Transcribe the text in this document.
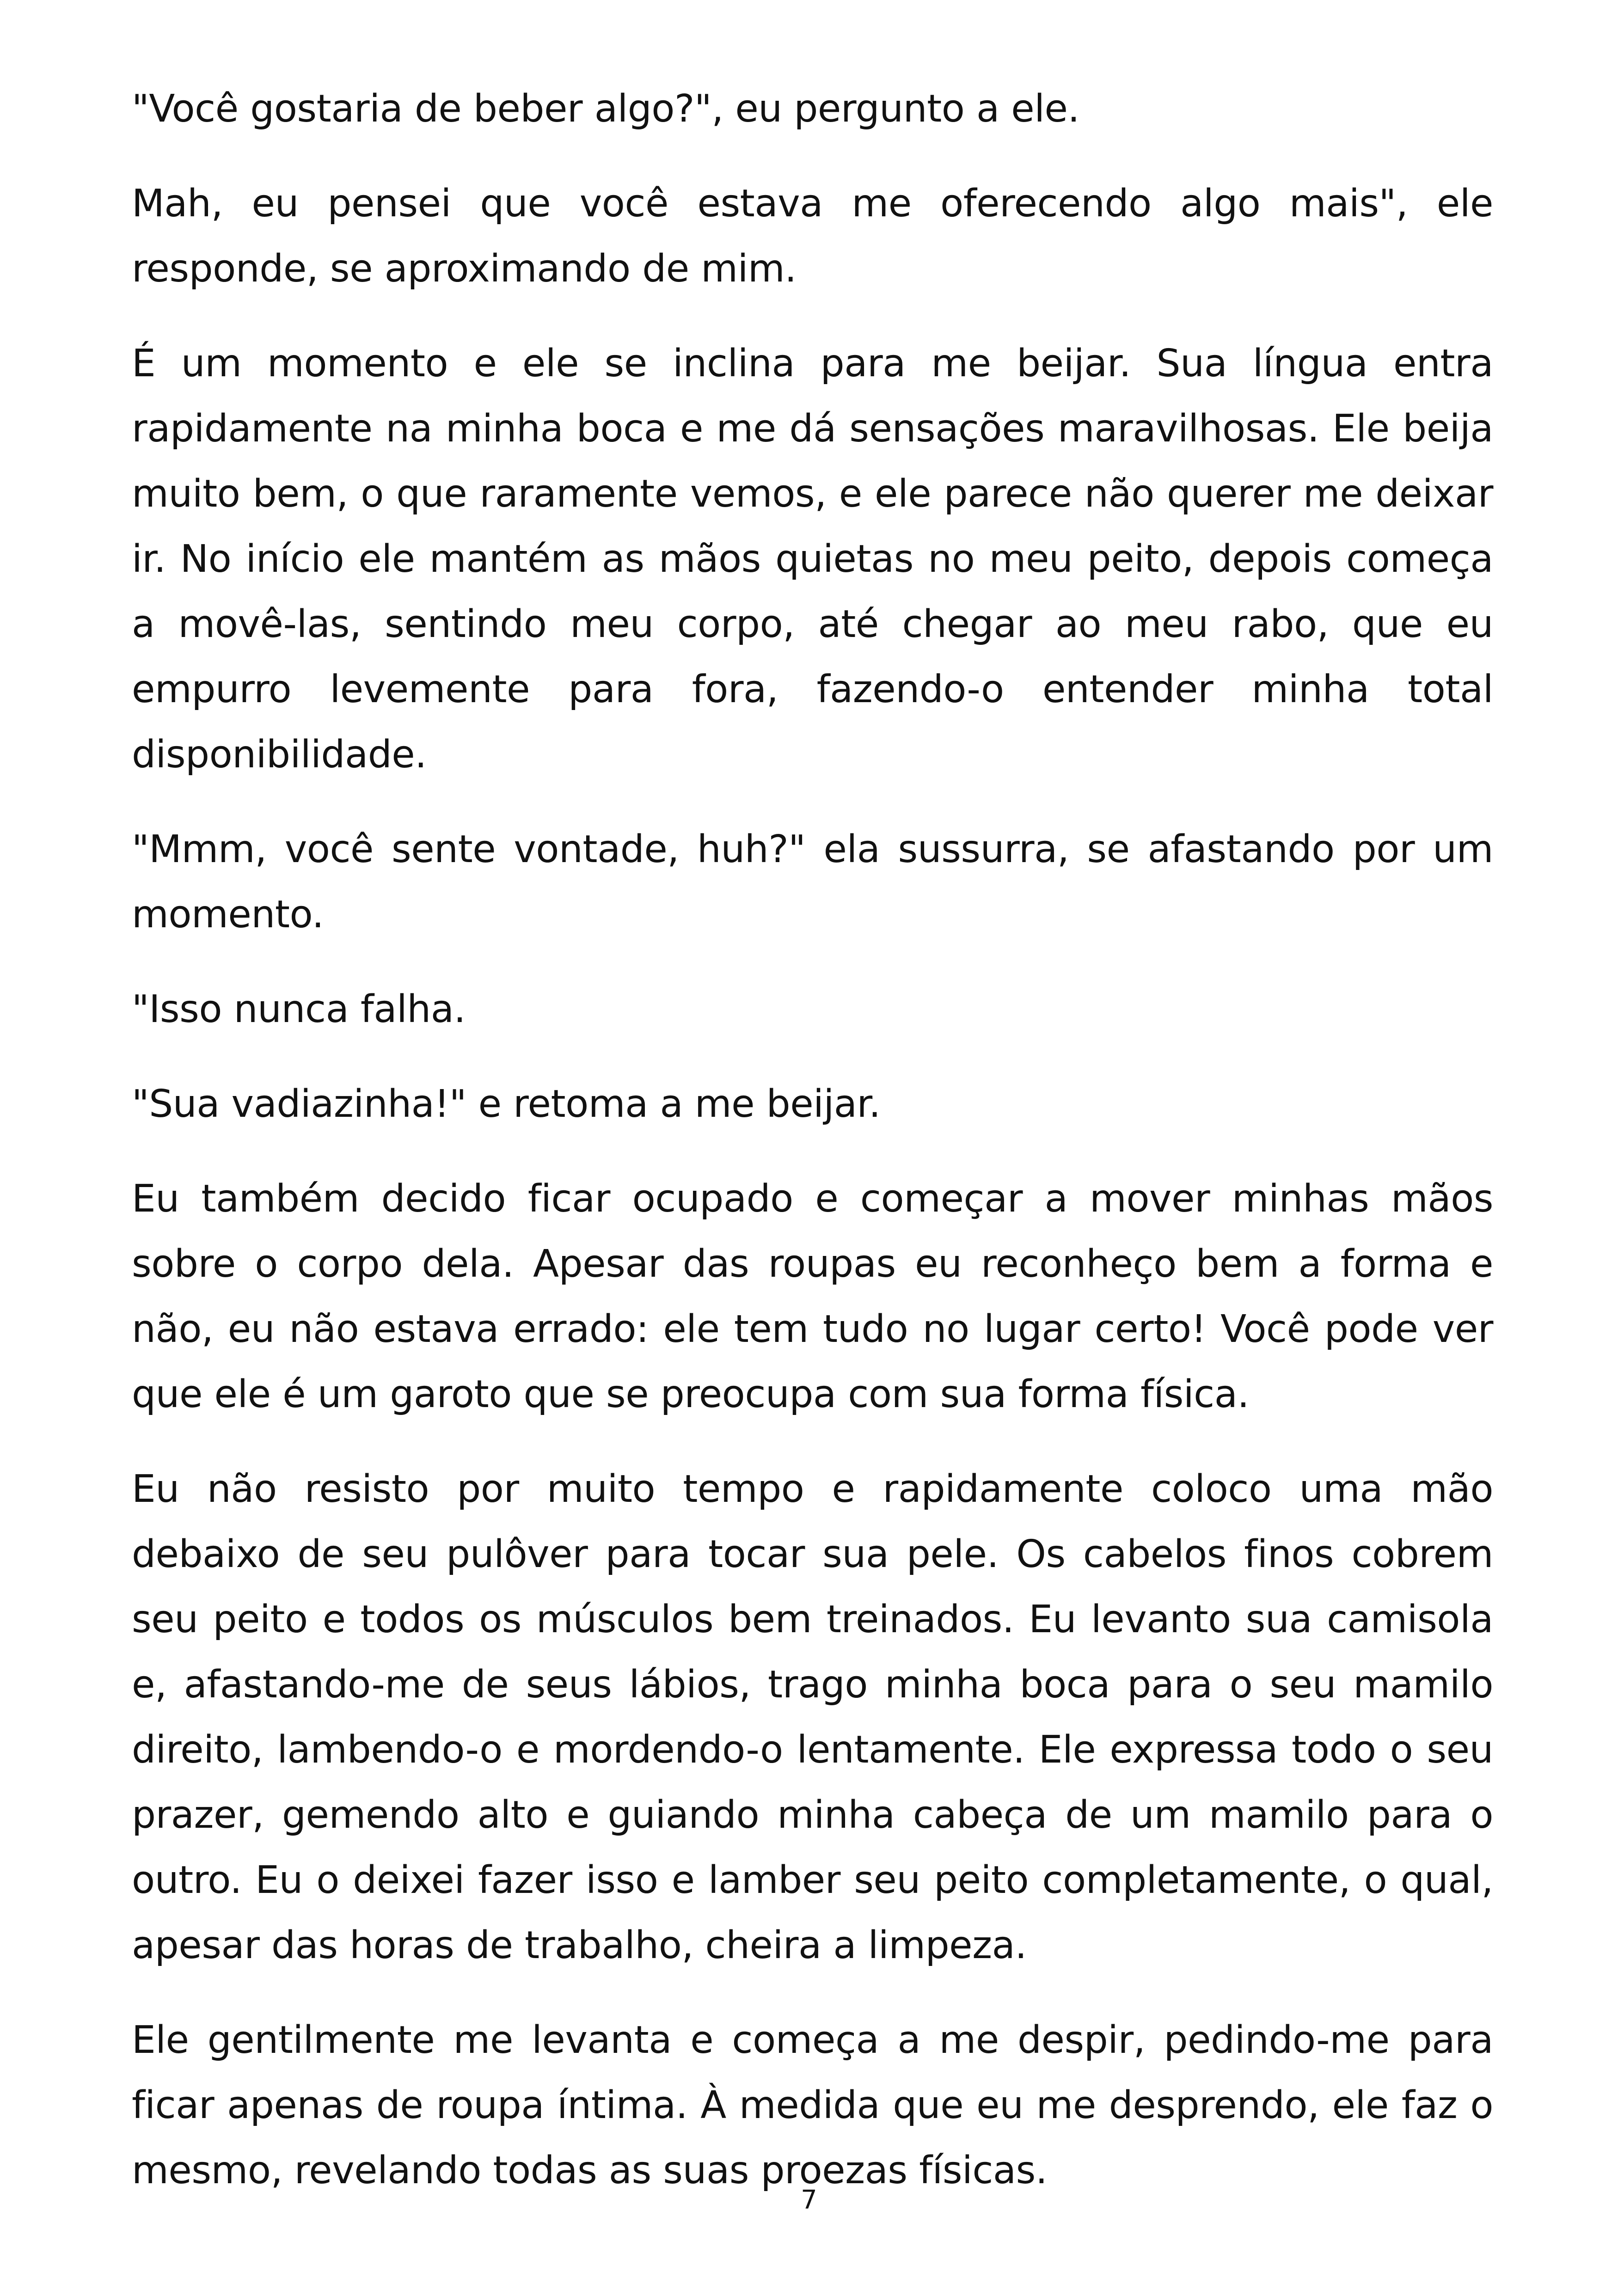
"Você gostaria de beber algo?", eu pergunto a ele.

Mah, eu pensei que você estava me oferecendo algo mais", ele responde, se aproximando de mim.

É um momento e ele se inclina para me beijar. Sua língua entra rapidamente na minha boca e me dá sensações maravilhosas. Ele beija muito bem, o que raramente vemos, e ele parece não querer me deixar ir. No início ele mantém as mãos quietas no meu peito, depois começa a movê-las, sentindo meu corpo, até chegar ao meu rabo, que eu empurro levemente para fora, fazendo-o entender minha total disponibilidade.

"Mmm, você sente vontade, huh?" ela sussurra, se afastando por um momento.

"Isso nunca falha.

"Sua vadiazinha!" e retoma a me beijar.

Eu também decido ficar ocupado e começar a mover minhas mãos sobre o corpo dela. Apesar das roupas eu reconheço bem a forma e não, eu não estava errado: ele tem tudo no lugar certo! Você pode ver que ele é um garoto que se preocupa com sua forma física.

Eu não resisto por muito tempo e rapidamente coloco uma mão debaixo de seu pulôver para tocar sua pele. Os cabelos finos cobrem seu peito e todos os músculos bem treinados. Eu levanto sua camisola e, afastando-me de seus lábios, trago minha boca para o seu mamilo direito, lambendo-o e mordendo-o lentamente. Ele expressa todo o seu prazer, gemendo alto e guiando minha cabeça de um mamilo para o outro. Eu o deixei fazer isso e lamber seu peito completamente, o qual, apesar das horas de trabalho, cheira a limpeza.

Ele gentilmente me levanta e começa a me despir, pedindo-me para ficar apenas de roupa íntima. À medida que eu me desprendo, ele faz o mesmo, revelando todas as suas proezas físicas.

7
